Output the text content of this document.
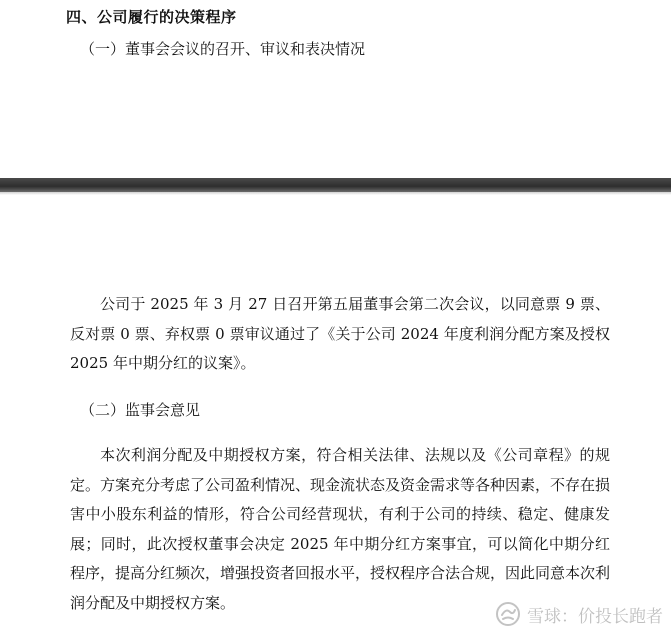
四、公司履行的决策程序
（一）董事会会议的召开、审议和表决情况
公司于 2025 年 3 月 27 日召开第五届董事会第二次会议，以同意票 9 票、反对票 0 票、弃权票 0 票审议通过了《关于公司 2024 年度利润分配方案及授权 2025 年中期分红的议案》。
（二）监事会意见
本次利润分配及中期授权方案，符合相关法律、法规以及《公司章程》的规定。方案充分考虑了公司盈利情况、现金流状态及资金需求等各种因素，不存在损害中小股东利益的情形，符合公司经营现状，有利于公司的持续、稳定、健康发展；同时，此次授权董事会决定 2025 年中期分红方案事宜，可以简化中期分红程序，提高分红频次，增强投资者回报水平，授权程序合法合规，因此同意本次利润分配及中期授权方案。
雪球：价投长跑者
